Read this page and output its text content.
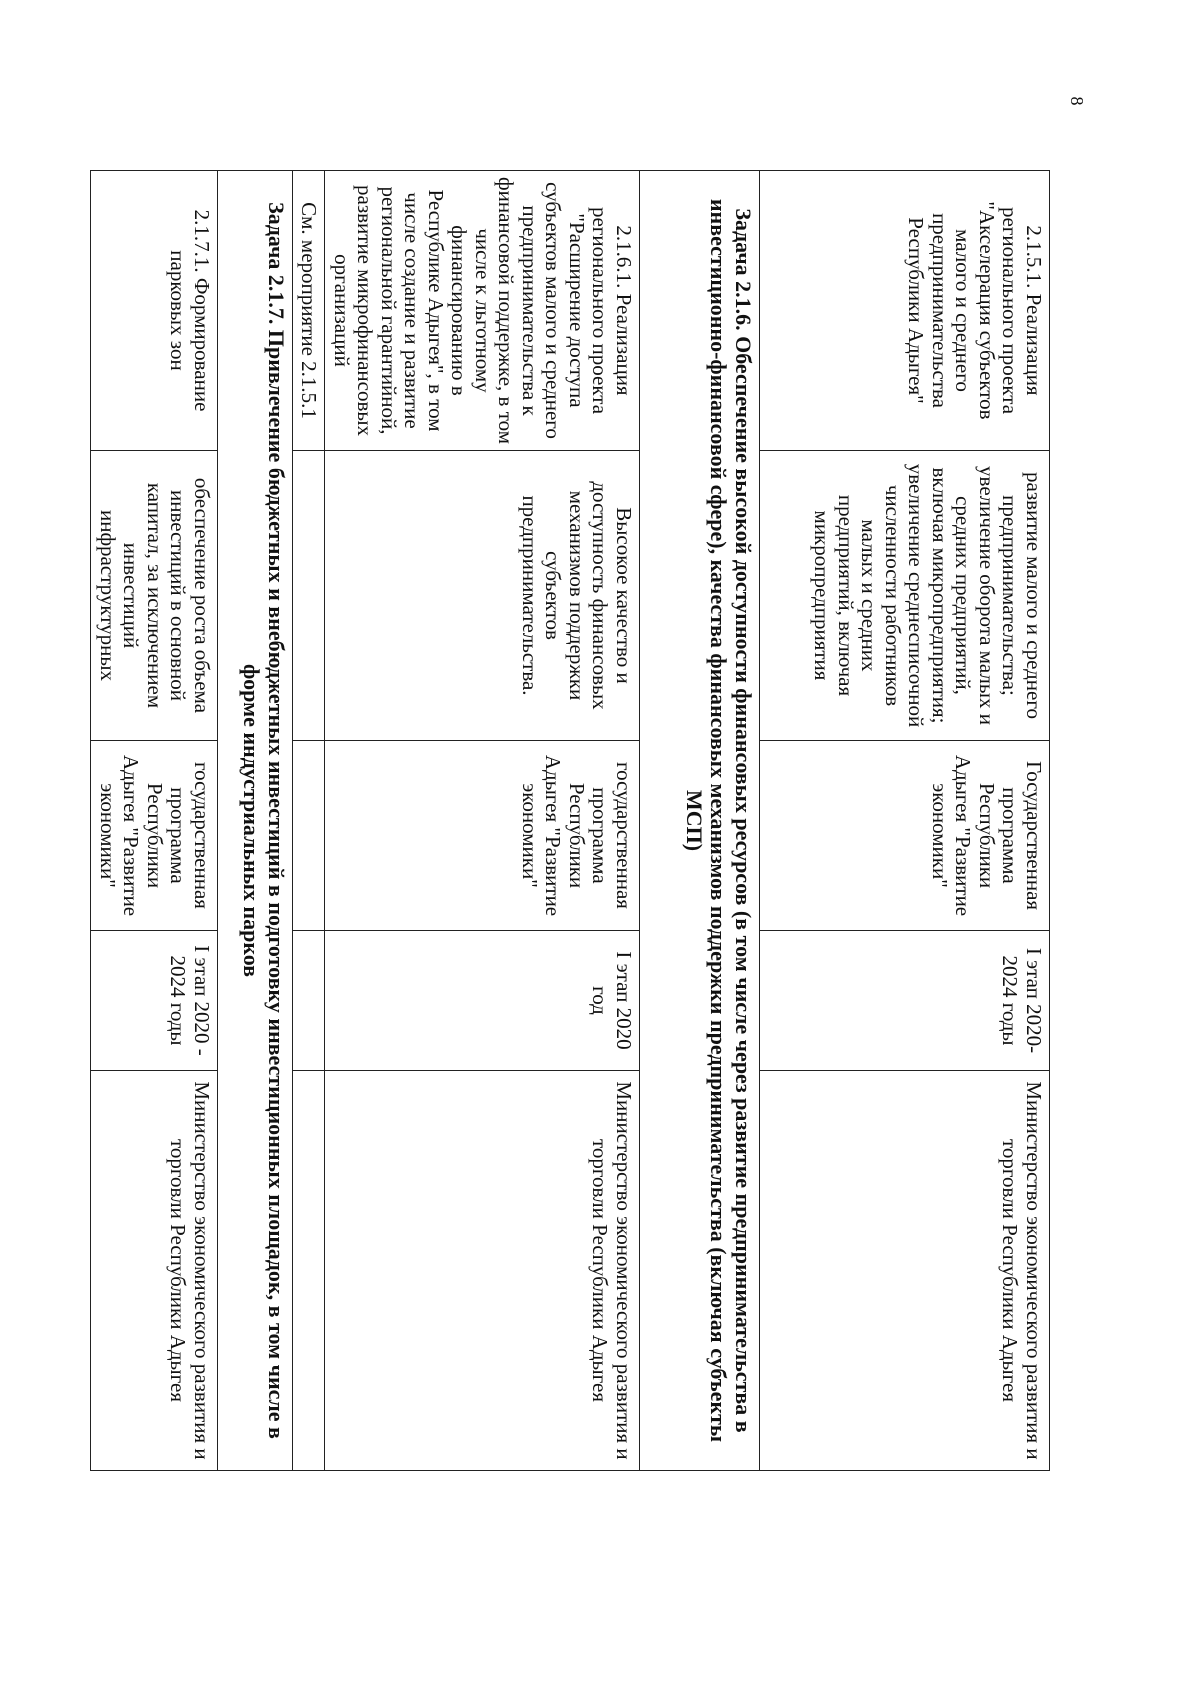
8
2.1.5.1. Реализация регионального проекта "Акселерация субъектов малого и среднего предпринимательства Республики Адыгея"	развитие малого и среднего предпринимательства; увеличение оборота малых и средних предприятий, включая микропредприятия; увеличение среднесписочной численности работников малых и средних предприятий, включая микропредприятия	Государственная программа Республики Адыгея "Развитие экономики"	I этап 2020-2024 годы	Министерство экономического развития и торговли Республики Адыгея
Задача 2.1.6. Обеспечение высокой доступности финансовых ресурсов (в том числе через развитие предпринимательства в инвестиционно-финансовой сфере), качества финансовых механизмов поддержки предпринимательства (включая субъекты МСП)				
2.1.6.1. Реализация регионального проекта "Расширение доступа субъектов малого и среднего предпринимательства к финансовой поддержке, в том числе к льготному финансированию в Республике Адыгея", в том числе создание и развитие региональной гарантийной, развитие микрофинансовых организаций	Высокое качество и доступность финансовых механизмов поддержки субъектов предпринимательства.	государственная программа Республики Адыгея "Развитие экономики"	I этап 2020 год	Министерство экономического развития и торговли Республики Адыгея
См. мероприятие 2.1.5.1				
Задача 2.1.7. Привлечение бюджетных и внебюджетных инвестиций в подготовку инвестиционных площадок, в том числе в форме индустриальных парков				
2.1.7.1. Формирование парковых зон	обеспечение роста объема инвестиций в основной капитал, за исключением инвестиций инфраструктурных	государственная программа Республики Адыгея "Развитие экономики"	I этап 2020 - 2024 годы	Министерство экономического развития и торговли Республики Адыгея
